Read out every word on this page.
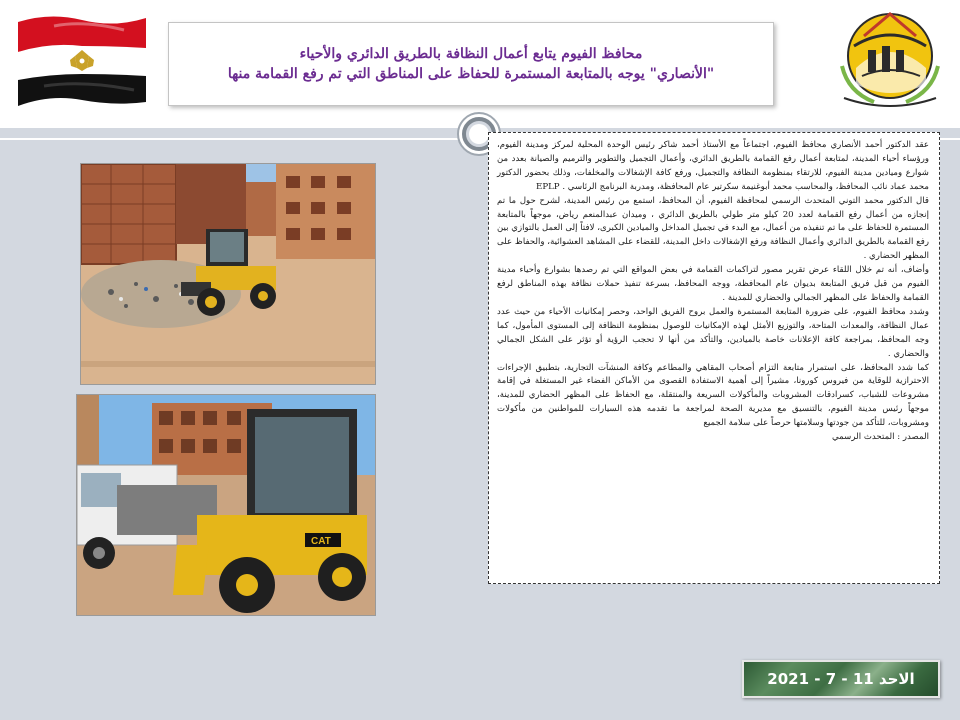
محافظ الفيوم يتابع أعمال النظافة بالطريق الدائري والأحياء
"الأنصاري" يوجه بالمتابعة المستمرة للحفاظ على المناطق التي تم رفع القمامة منها
CAT

عقد الدكتور أحمد الأنصاري محافظ الفيوم، اجتماعاً مع الأستاذ أحمد شاكر رئيس الوحدة المحلية لمركز ومدينة الفيوم، ورؤساء أحياء المدينة، لمتابعة أعمال رفع القمامة بالطريق الدائري، وأعمال التجميل والتطوير والترميم والصيانة بعدد من شوارع وميادين مدينة الفيوم، للارتقاء بمنظومة النظافة والتجميل، ورفع كافة الإشغالات والمخلفات، وذلك بحضور الدكتور محمد عماد نائب المحافظ، والمحاسب محمد أبوغنيمة سكرتير عام المحافظة، ومدربة البرنامج الرئاسي . EPLP

قال الدكتور محمد التوني المتحدث الرسمي لمحافظة الفيوم، أن المحافظ، استمع من رئيس المدينة، لشرح حول ما تم إنجازه من أعمال رفع القمامة لعدد 20 كيلو متر طولي بالطريق الدائري ، وميدان عبدالمنعم رياض، موجهاً بالمتابعة المستمرة للحفاظ على ما تم تنفيذه من أعمال، مع البدء في تجميل المداخل والميادين الكبرى، لافتاً إلى العمل بالتوازي بين رفع القمامة بالطريق الدائري وأعمال النظافة ورفع الإشغالات داخل المدينة، للقضاء على المشاهد العشوائية، والحفاظ على المظهر الحضاري .

وأضاف، أنه تم خلال اللقاء عرض تقرير مصور لتراكمات القمامة في بعض المواقع التي تم رصدها بشوارع وأحياء مدينة الفيوم من قبل فريق المتابعة بديوان عام المحافظة، ووجه المحافظ، بسرعة تنفيذ حملات نظافة بهذه المناطق لرفع القمامة والحفاظ على المظهر الجمالي والحضاري للمدينة .

وشدد محافظ الفيوم، على ضرورة المتابعة المستمرة والعمل بروح الفريق الواحد، وحصر إمكانيات الأحياء من حيث عدد عمال النظافة، والمعدات المتاحة، والتوزيع الأمثل لهذه الإمكانيات للوصول بمنظومة النظافة إلى المستوى المأمول، كما وجه المحافظ، بمراجعة كافة الإعلانات خاصة بالميادين، والتأكد من أنها لا تحجب الرؤية أو تؤثر على الشكل الجمالي والحضاري .

كما شدد المحافظ، على استمرار متابعة التزام أصحاب المقاهي والمطاعم وكافة المنشآت التجارية، بتطبيق الإجراءات الاحترازية للوقاية من فيروس كورونا، مشيراً إلى أهمية الاستفادة القصوى من الأماكن الفضاء غير المستغلة في إقامة مشروعات للشباب، كسرادقات المشروبات والمأكولات السريعة والمنتقلة، مع الحفاظ على المظهر الحضاري للمدينة، موجهاً رئيس مدينة الفيوم، بالتنسيق مع مديرية الصحة لمراجعة ما تقدمه هذه السيارات للمواطنين من مأكولات ومشروبات، للتأكد من جودتها وسلامتها حرصاً على سلامة الجميع

المصدر : المتحدث الرسمي

الاحد 11 - 7 - 2021
